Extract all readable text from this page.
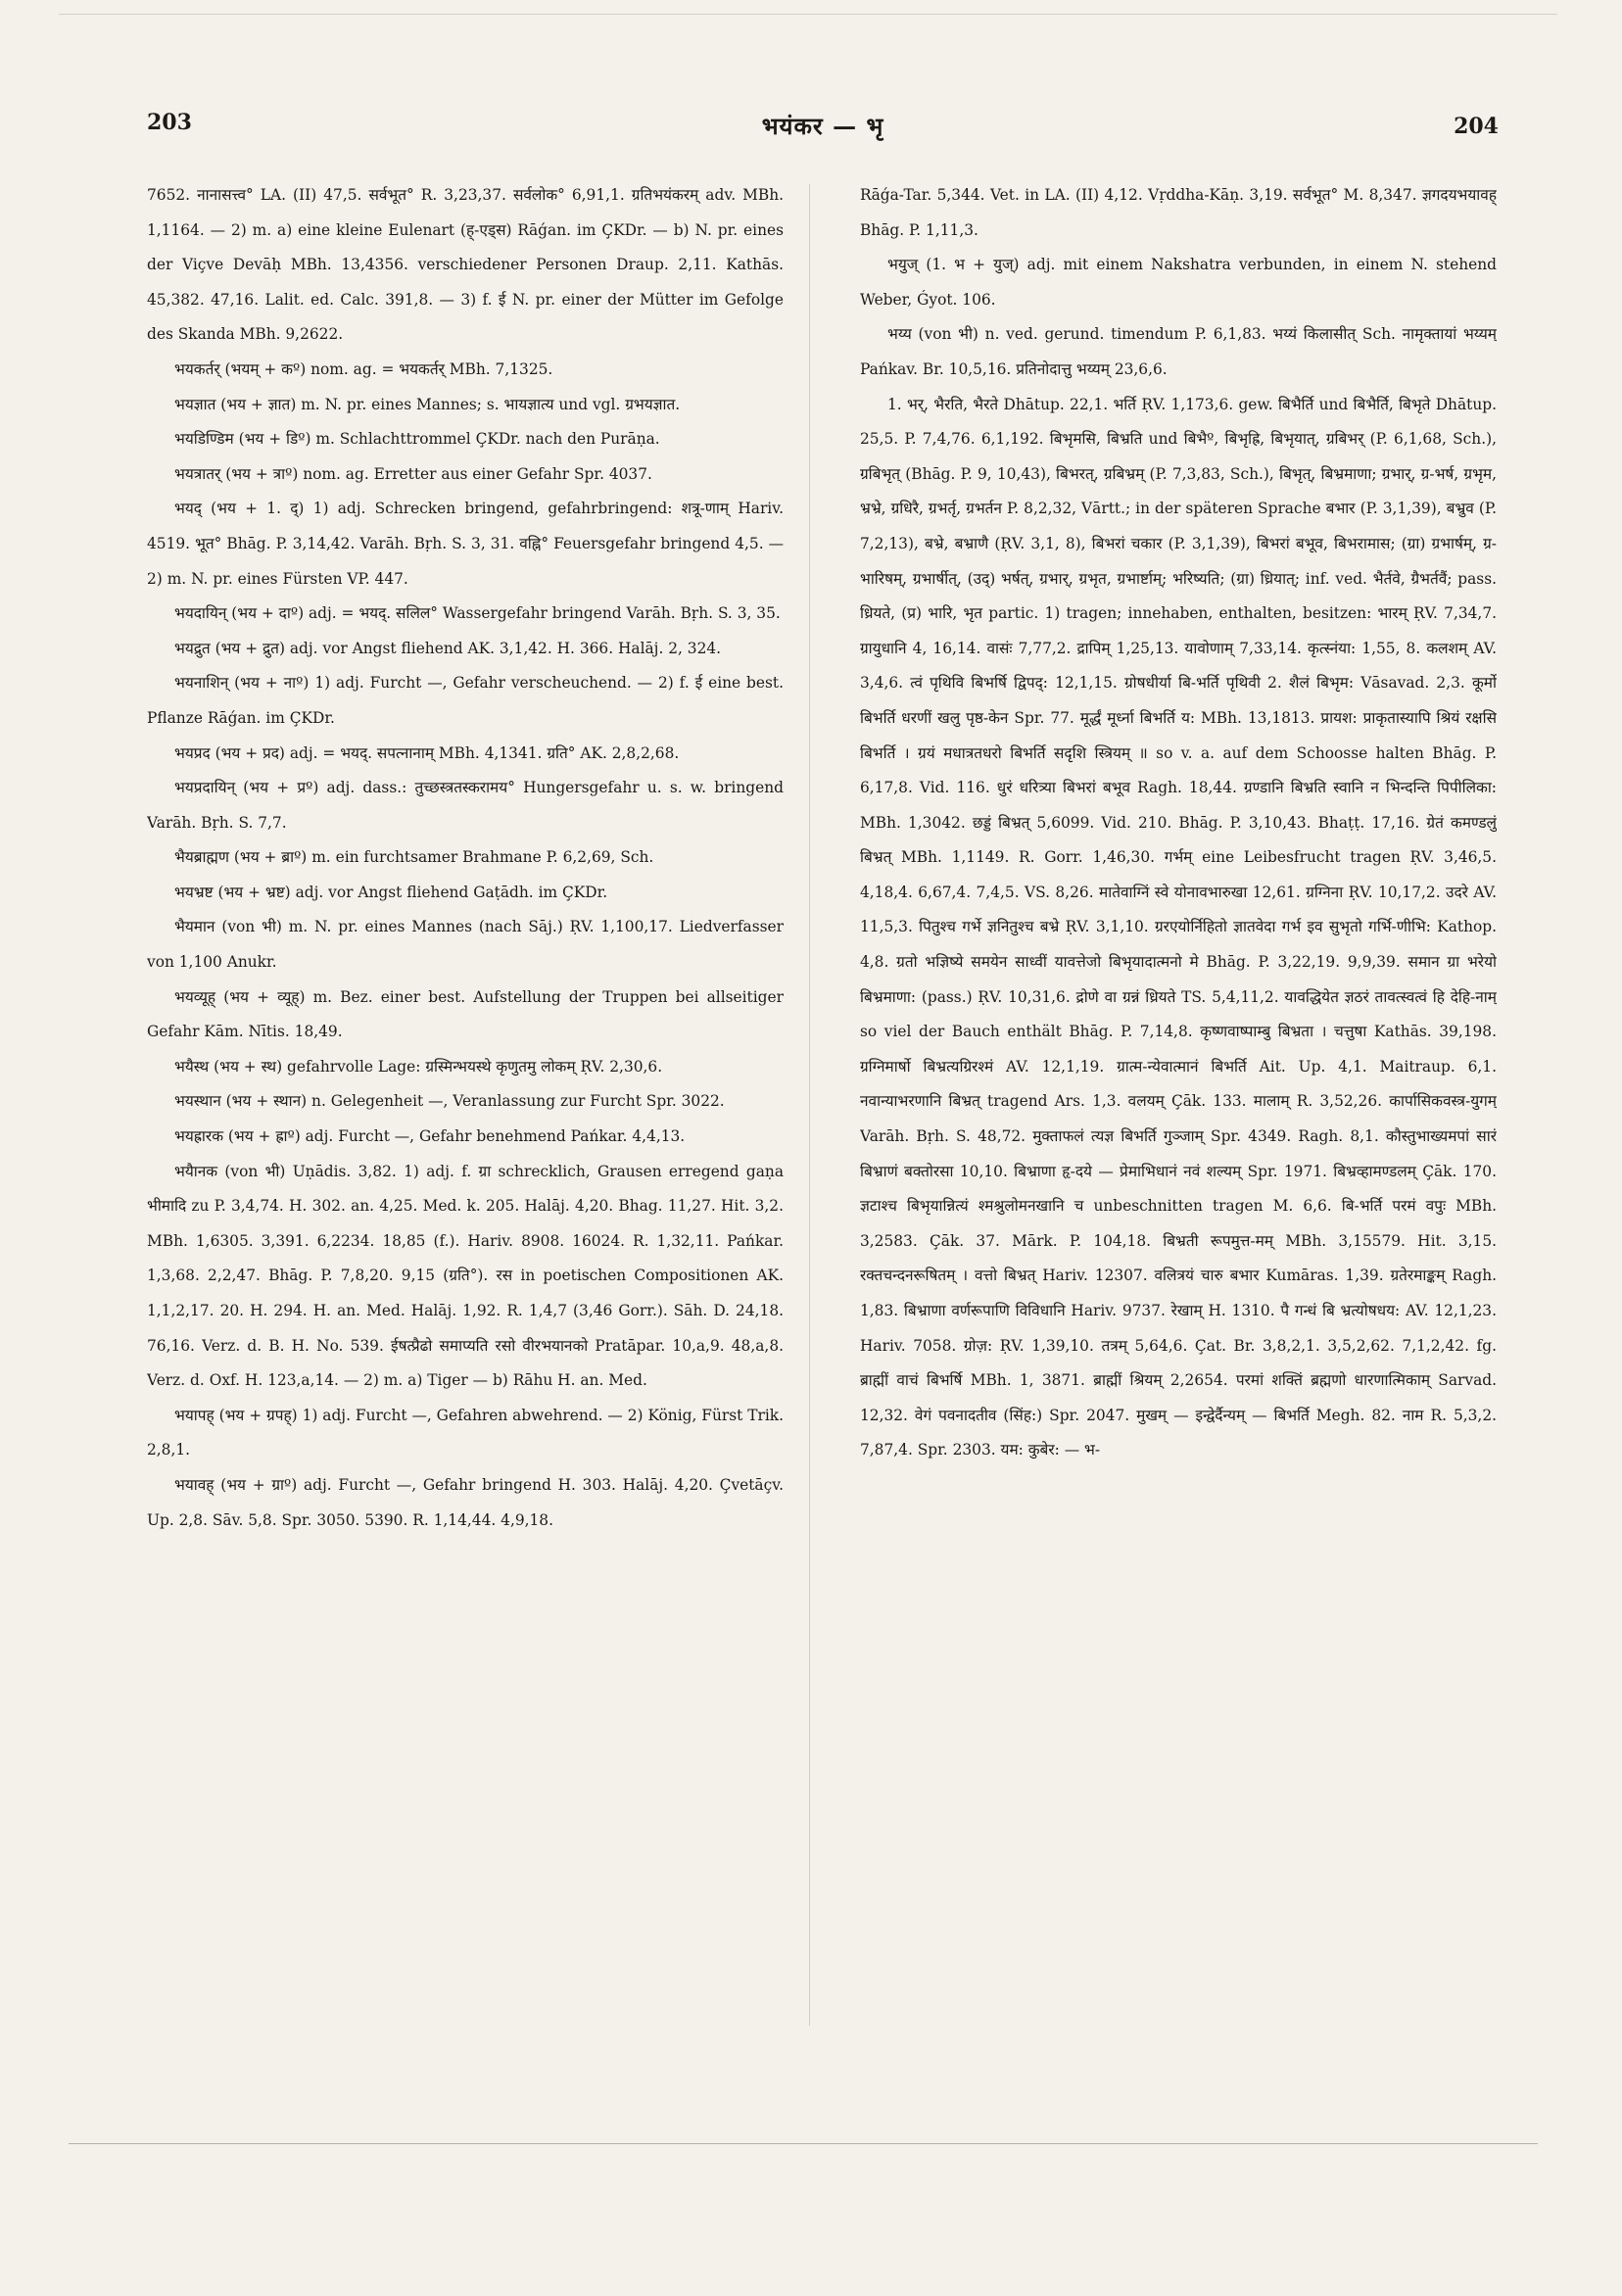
203	भयंकर — भृ	204

7652. नानासत्त्व° LA. (II) 47,5. सर्वभूत° R. 3,23,37. सर्वलोक° 6,91,1. ग्रतिभयंकरम् adv. MBh. 1,1164. — 2) m. a) eine kleine Eulenart (ह्-एड्स) Rāǵan. im ÇKDr. — b) N. pr. eines der Viçve Devāḥ MBh. 13,4356. verschiedener Personen Draup. 2,11. Kathās. 45,382. 47,16. Lalit. ed. Calc. 391,8. — 3) f. ई N. pr. einer der Mütter im Gefolge des Skanda MBh. 9,2622.

भयकर्तर् (भयम् + कº) nom. ag. = भयकर्तर् MBh. 7,1325.

भयज्ञात (भय + ज्ञात) m. N. pr. eines Mannes; s. भायज्ञात्य und vgl. ग्रभयज्ञात.

भयडिण्डिम (भय + डिº) m. Schlachttrommel ÇKDr. nach den Purāṇa.

भयत्रातर् (भय + त्राº) nom. ag. Erretter aus einer Gefahr Spr. 4037.

भयद् (भय + 1. द्) 1) adj. Schrecken bringend, gefahrbringend: शत्रू-णाम् Hariv. 4519. भूत° Bhāg. P. 3,14,42. Varāh. Bṛh. S. 3, 31. वह्नि° Feuersgefahr bringend 4,5. — 2) m. N. pr. eines Fürsten VP. 447.

भयदायिन् (भय + दाº) adj. = भयद्. सलिल° Wassergefahr bringend Varāh. Bṛh. S. 3, 35.

भयद्रुत (भय + द्रुत) adj. vor Angst fliehend AK. 3,1,42. H. 366. Halāj. 2, 324.

भयनाशिन् (भय + नाº) 1) adj. Furcht —, Gefahr verscheuchend. — 2) f. ई eine best. Pflanze Rāǵan. im ÇKDr.

भयप्रद (भय + प्रद) adj. = भयद्. सपत्नानाम् MBh. 4,1341. ग्रति° AK. 2,8,2,68.

भयप्रदायिन् (भय + प्रº) adj. dass.: तुच्छस्त्रतस्करामय° Hungersgefahr u. s. w. bringend Varāh. Bṛh. S. 7,7.

भैयब्राह्मण (भय + ब्राº) m. ein furchtsamer Brahmane P. 6,2,69, Sch.

भयभ्रष्ट (भय + भ्रष्ट) adj. vor Angst fliehend Gaṭādh. im ÇKDr.

भैयमान (von भी) m. N. pr. eines Mannes (nach Sāj.) ṚV. 1,100,17. Liedverfasser von 1,100 Anukr.

भयव्यूह् (भय + व्यूह्) m. Bez. einer best. Aufstellung der Truppen bei allseitiger Gefahr Kām. Nītis. 18,49.

भयैस्थ (भय + स्थ) gefahrvolle Lage: ग्रस्मिन्भयस्थे कृणुतमु लोकम् ṚV. 2,30,6.

भयस्थान (भय + स्थान) n. Gelegenheit —, Veranlassung zur Furcht Spr. 3022.

भयह्रारक (भय + ह्राº) adj. Furcht —, Gefahr benehmend Pańkar. 4,4,13.

भयैानक (von भी) Uṇādis. 3,82. 1) adj. f. ग्रा schrecklich, Grausen erregend gaṇa भीमादि zu P. 3,4,74. H. 302. an. 4,25. Med. k. 205. Halāj. 4,20. Bhag. 11,27. Hit. 3,2. MBh. 1,6305. 3,391. 6,2234. 18,85 (f.). Hariv. 8908. 16024. R. 1,32,11. Pańkar. 1,3,68. 2,2,47. Bhāg. P. 7,8,20. 9,15 (ग्रति°). रस in poetischen Compositionen AK. 1,1,2,17. 20. H. 294. H. an. Med. Halāj. 1,92. R. 1,4,7 (3,46 Gorr.). Sāh. D. 24,18. 76,16. Verz. d. B. H. No. 539. ईषत्प्रैढो समाप्यति रसो वीरभयानको Pratāpar. 10,a,9. 48,a,8. Verz. d. Oxf. H. 123,a,14. — 2) m. a) Tiger — b) Rāhu H. an. Med.

भयापह् (भय + ग्रपह्) 1) adj. Furcht —, Gefahren abwehrend. — 2) König, Fürst Trik. 2,8,1.

भयावह् (भय + ग्राº) adj. Furcht —, Gefahr bringend H. 303. Halāj. 4,20. Çvetāçv. Up. 2,8. Sāv. 5,8. Spr. 3050. 5390. R. 1,14,44. 4,9,18.

Rāǵa-Tar. 5,344. Vet. in LA. (II) 4,12. Vṛddha-Kāṇ. 3,19. सर्वभूत° M. 8,347. ज्ञगदयभयावह् Bhāg. P. 1,11,3.

भयुज् (1. भ + युज्) adj. mit einem Nakshatra verbunden, in einem N. stehend Weber, Ǵyot. 106.

भय्य (von भी) n. ved. gerund. timendum P. 6,1,83. भय्यं किलासीत् Sch. नामृक्तायां भय्यम् Pańkav. Br. 10,5,16. प्रतिनोदात्तु भय्यम् 23,6,6.

1. भर्, भैरति, भैरते Dhātup. 22,1. भर्ति ṚV. 1,173,6. gew. बिभैर्ति und बिभैर्ति, बिभृते Dhātup. 25,5. P. 7,4,76. 6,1,192. बिभृमसि, बिभ्रति und बिभैº, बिभृह्रि, बिभृयात्, ग्रबिभर् (P. 6,1,68, Sch.), ग्रबिभृत् (Bhāg. P. 9, 10,43), बिभरत्, ग्रबिभ्रम् (P. 7,3,83, Sch.), बिभृत्, बिभ्रमाणा; ग्रभार्, ग्र-भर्ष, ग्रभृम, भ्रभ्रे, ग्रधिरै, ग्रभर्तृ, ग्रभर्तन P. 8,2,32, Vārtt.; in der späteren Sprache बभार (P. 3,1,39), बभ्रुव (P. 7,2,13), बभ्रे, बभ्राणै (ṚV. 3,1, 8), बिभरां चकार (P. 3,1,39), बिभरां बभूव, बिभरामास; (ग्रा) ग्रभार्षम्, ग्र-भारिषम्, ग्रभार्षीत्, (उद्) भर्षत्, ग्रभार्, ग्रभृत, ग्रभार्ष्टाम्; भरिष्यति; (ग्रा) ध्रियात्; inf. ved. भैर्तवे, ग्रैभर्तवैं; pass. ध्रियते, (प्र) भारि, भृत partic. 1) tragen; innehaben, enthalten, besitzen: भारम् ṚV. 7,34,7. ग्रायुधानि 4, 16,14. वासंः 7,77,2. द्रापिम् 1,25,13. यावोणाम् 7,33,14. कृत्स्नंया: 1,55, 8. कलशम् AV. 3,4,6. त्वं पृथिवि बिभर्षि द्विपद्: 12,1,15. ग्रोषधीर्या बि-भर्ति पृथिवी 2. शैलं बिभृम: Vāsavad. 2,3. कूर्मो बिभर्ति धरणीं खलु पृष्ठ-केन Spr. 77. मूर्द्धं मूर्ध्ना बिभर्ति य: MBh. 13,1813. प्रायश: प्राकृतास्यापि श्रियं रक्षसि बिभर्ति । ग्रयं मधात्रतधरो बिभर्ति सदृशि स्त्रियम् ॥ so v. a. auf dem Schoosse halten Bhāg. P. 6,17,8. Vid. 116. धुरं धरित्र्या बिभरां बभूव Ragh. 18,44. ग्रण्डानि बिभ्रति स्वानि न भिन्दन्ति पिपीलिका: MBh. 1,3042. छड्डं बिभ्रत् 5,6099. Vid. 210. Bhāg. P. 3,10,43. Bhaṭṭ. 17,16. ग्रेतं कमण्डलुं बिभ्रत् MBh. 1,1149. R. Gorr. 1,46,30. गर्भम् eine Leibesfrucht tragen ṚV. 3,46,5. 4,18,4. 6,67,4. 7,4,5. VS. 8,26. मातेवाग्निं स्वे योनावभारुखा 12,61. ग्रग्निना ṚV. 10,17,2. उदरे AV. 11,5,3. पितुश्च गर्भे ज्ञनितुश्च बभ्रे ṚV. 3,1,10. ग्ररएयोर्निहितो ज्ञातवेदा गर्भ इव सुभृतो गर्भि-णीभि: Kathop. 4,8. ग्रतो भज्ञिष्ये समयेन साध्वीं यावत्तेजो बिभृयादात्मनो मे Bhāg. P. 3,22,19. 9,9,39. समान ग्रा भरेयो बिभ्रमाणा: (pass.) ṚV. 10,31,6. द्रोणे वा ग्रन्नं ध्रियते TS. 5,4,11,2. यावद्धियेत ज्ञठरं तावत्स्वत्वं हि देहि-नाम् so viel der Bauch enthält Bhāg. P. 7,14,8. कृष्णवाष्पाम्बु बिभ्रता । चत्तुषा Kathās. 39,198. ग्रग्निमार्षो बिभ्रत्यग्रिरश्मं AV. 12,1,19. ग्रात्म-न्येवात्मानं बिभर्ति Ait. Up. 4,1. Maitraup. 6,1. नवान्याभरणानि बिभ्रत् tragend Ars. 1,3. वलयम् Çāk. 133. मालाम् R. 3,52,26. कार्पासिकवस्त्र-युगम् Varāh. Bṛh. S. 48,72. मुक्ताफलं त्यज्ञ बिभर्ति गुञ्जाम् Spr. 4349. Ragh. 8,1. कौस्तुभाख्यमपां सारं बिभ्राणं बक्तोरसा 10,10. बिभ्राणा हृ-दये — प्रेमाभिधानं नवं शल्यम् Spr. 1971. बिभ्रव्हामण्डलम् Çāk. 170. ज्ञटाश्च बिभृयान्नित्यं श्मश्रुलोमनखानि च unbeschnitten tragen M. 6,6. बि-भर्ति परमं वपुः MBh. 3,2583. Çāk. 37. Mārk. P. 104,18. बिभ्रती रूपमुत्त-मम् MBh. 3,15579. Hit. 3,15. रक्तचन्दनरूषितम् । वत्तो बिभ्रत् Hariv. 12307. वलित्रयं चारु बभार Kumāras. 1,39. ग्रतेरमाङ्कम् Ragh. 1,83. बिभ्राणा वर्णरूपाणि विविधानि Hariv. 9737. रेखाम् H. 1310. पै गन्धं बि भ्रत्योषधय: AV. 12,1,23. Hariv. 7058. ग्रोज़: ṚV. 1,39,10. तत्रम् 5,64,6. Çat. Br. 3,8,2,1. 3,5,2,62. 7,1,2,42. fg. ब्राह्मीं वाचं बिभर्षि MBh. 1, 3871. ब्राह्मीं श्रियम् 2,2654. परमां शक्तिं ब्रह्मणो धारणात्मिकाम् Sarvad. 12,32. वेगं पवनादतीव (सिंह:) Spr. 2047. मुखम् — इन्द्वेर्दैन्यम् — बिभर्ति Megh. 82. नाम R. 5,3,2. 7,87,4. Spr. 2303. यम: कुबेर: — भ-
